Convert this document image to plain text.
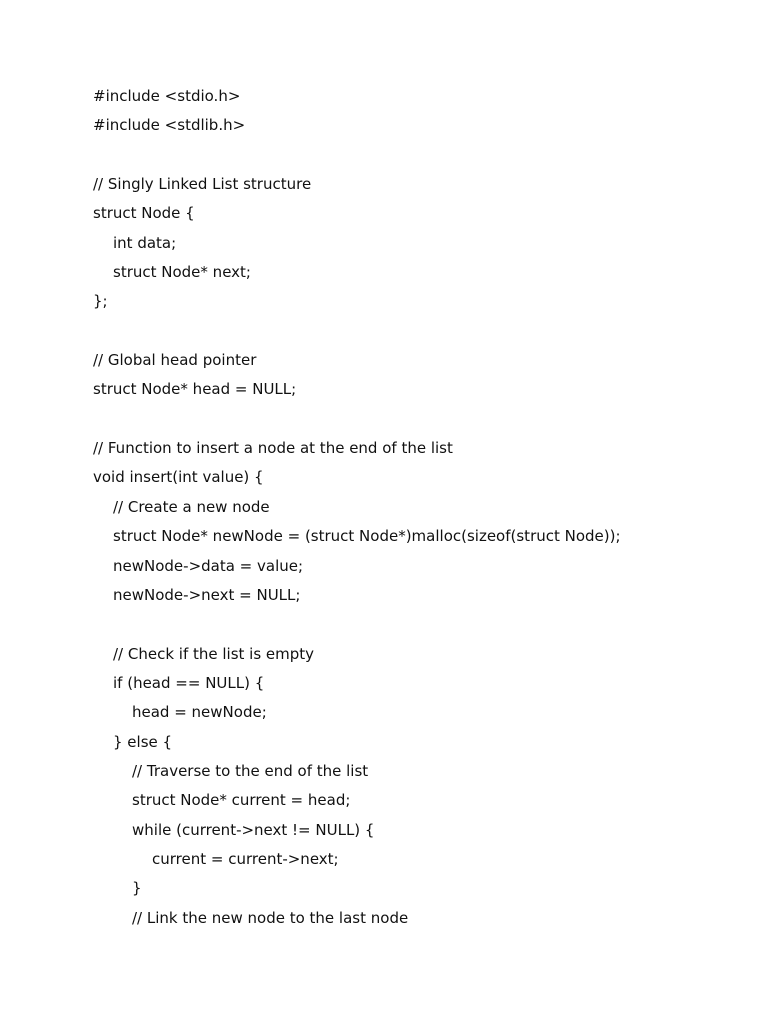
#include <stdio.h>
#include <stdlib.h>
// Singly Linked List structure
struct Node {
int data;
struct Node* next;
};
// Global head pointer
struct Node* head = NULL;
// Function to insert a node at the end of the list
void insert(int value) {
// Create a new node
struct Node* newNode = (struct Node*)malloc(sizeof(struct Node));
newNode->data = value;
newNode->next = NULL;
// Check if the list is empty
if (head == NULL) {
head = newNode;
} else {
// Traverse to the end of the list
struct Node* current = head;
while (current->next != NULL) {
current = current->next;
}
// Link the new node to the last node
